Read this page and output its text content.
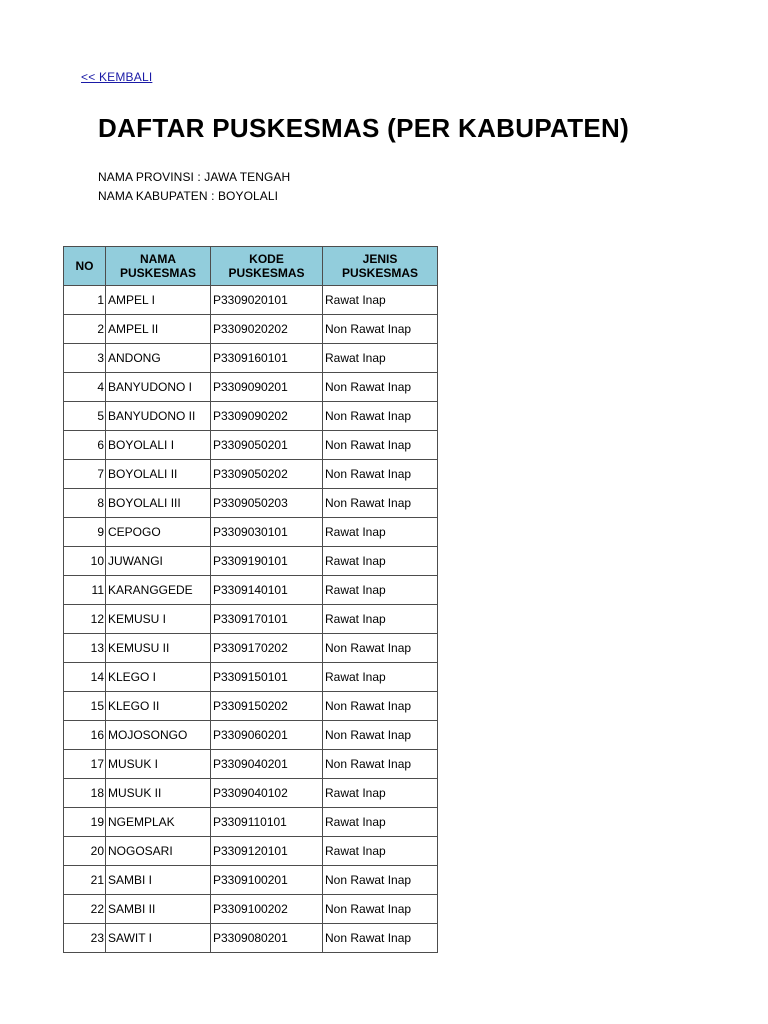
<< KEMBALI
DAFTAR PUSKESMAS (PER KABUPATEN)
NAMA PROVINSI : JAWA TENGAH
NAMA KABUPATEN : BOYOLALI
NO	NAMA PUSKESMAS	KODE PUSKESMAS	JENIS PUSKESMAS
1	AMPEL I	P3309020101	Rawat Inap
2	AMPEL II	P3309020202	Non Rawat Inap
3	ANDONG	P3309160101	Rawat Inap
4	BANYUDONO I	P3309090201	Non Rawat Inap
5	BANYUDONO II	P3309090202	Non Rawat Inap
6	BOYOLALI I	P3309050201	Non Rawat Inap
7	BOYOLALI II	P3309050202	Non Rawat Inap
8	BOYOLALI III	P3309050203	Non Rawat Inap
9	CEPOGO	P3309030101	Rawat Inap
10	JUWANGI	P3309190101	Rawat Inap
11	KARANGGEDE	P3309140101	Rawat Inap
12	KEMUSU I	P3309170101	Rawat Inap
13	KEMUSU II	P3309170202	Non Rawat Inap
14	KLEGO I	P3309150101	Rawat Inap
15	KLEGO II	P3309150202	Non Rawat Inap
16	MOJOSONGO	P3309060201	Non Rawat Inap
17	MUSUK I	P3309040201	Non Rawat Inap
18	MUSUK II	P3309040102	Rawat Inap
19	NGEMPLAK	P3309110101	Rawat Inap
20	NOGOSARI	P3309120101	Rawat Inap
21	SAMBI I	P3309100201	Non Rawat Inap
22	SAMBI II	P3309100202	Non Rawat Inap
23	SAWIT I	P3309080201	Non Rawat Inap
